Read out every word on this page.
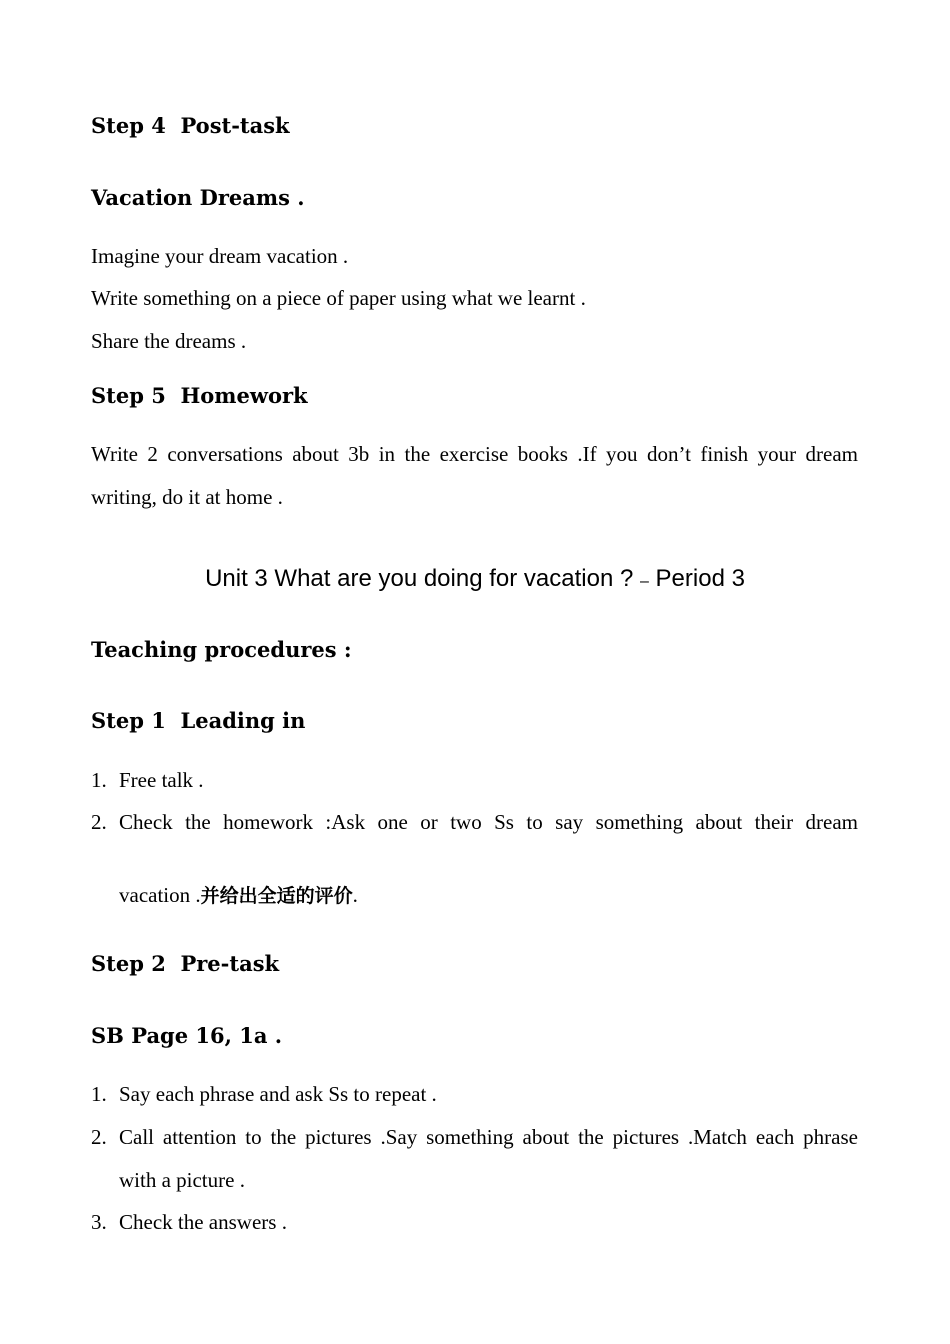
Step 4  Post-task
Vacation Dreams .
Imagine your dream vacation .
Write something on a piece of paper using what we learnt .
Share the dreams .
Step 5  Homework
Write 2 conversations about 3b in the exercise books .If you don’t finish your dream
writing, do it at home .
Unit 3 What are you doing for vacation ? – Period 3
Teaching procedures :
Step 1  Leading in
1. Free talk .
2. Check the homework :Ask one or two Ss to say something about their dream
vacation .并给出全适的评价.
Step 2  Pre-task
SB Page 16, 1a .
1. Say each phrase and ask Ss to repeat .
2. Call attention to the pictures .Say something about the pictures .Match each phrase
with a picture .
3. Check the answers .
